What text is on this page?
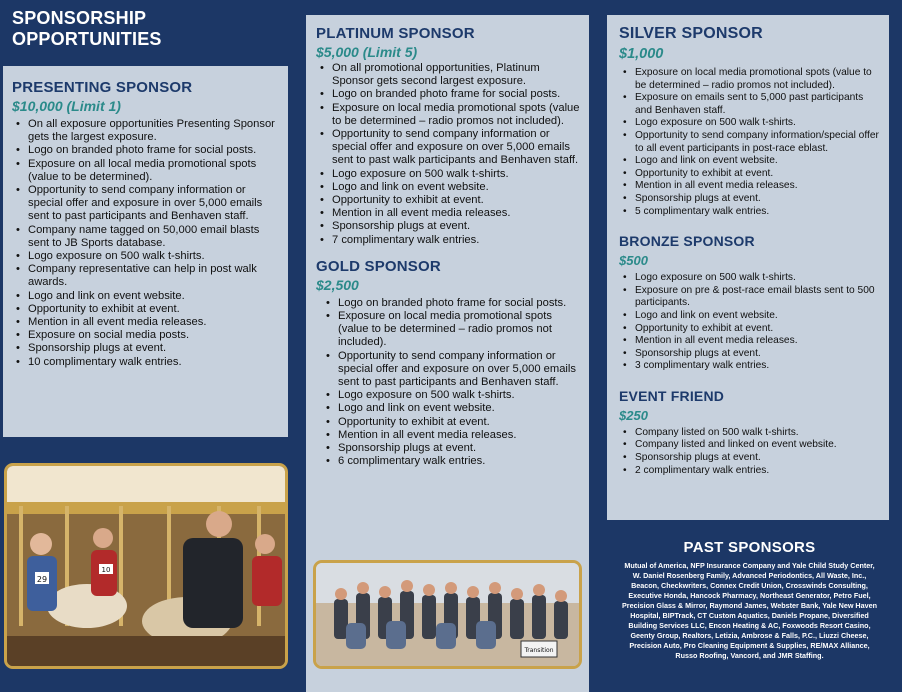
SPONSORSHIP
OPPORTUNITIES
PRESENTING SPONSOR
$10,000 (Limit 1)
• On all exposure opportunities Presenting Sponsor gets the largest exposure.
• Logo on branded photo frame for social posts.
• Exposure on all local media promotional spots (value to be determined).
• Opportunity to send company information or special offer and exposure in over 5,000 emails sent to past participants and Benhaven staff.
• Company name tagged on 50,000 email blasts sent to JB Sports database.
• Logo exposure on 500 walk t-shirts.
• Company representative can help in post walk awards.
• Logo and link on event website.
• Opportunity to exhibit at event.
• Mention in all event media releases.
• Exposure on social media posts.
• Sponsorship plugs at event.
• 10 complimentary walk entries.
29
10
PLATINUM SPONSOR
$5,000 (Limit 5)
• On all promotional opportunities, Platinum Sponsor gets second largest exposure.
• Logo on branded photo frame for social posts.
• Exposure on local media promotional spots (value to be determined – radio promos not included).
• Opportunity to send company information or special offer and exposure on over 5,000 emails sent to past walk participants and Benhaven staff.
• Logo exposure on 500 walk t-shirts.
• Logo and link on event website.
• Opportunity to exhibit at event.
• Mention in all event media releases.
• Sponsorship plugs at event.
• 7 complimentary walk entries.
GOLD SPONSOR
$2,500
• Logo on branded photo frame for social posts.
• Exposure on local media promotional spots (value to be determined – radio promos not included).
• Opportunity to send company information or special offer and exposure on over 5,000 emails sent to past participants and Benhaven staff.
• Logo exposure on 500 walk t-shirts.
• Logo and link on event website.
• Opportunity to exhibit at event.
• Mention in all event media releases.
• Sponsorship plugs at event.
• 6 complimentary walk entries.
Transition
SILVER SPONSOR
$1,000
• Exposure on local media promotional spots (value to be determined – radio promos not included).
• Exposure on emails sent to 5,000 past participants and Benhaven staff.
• Logo exposure on 500 walk t-shirts.
• Opportunity to send company information/special offer to all event participants in post-race eblast.
• Logo and link on event website.
• Opportunity to exhibit at event.
• Mention in all event media releases.
• Sponsorship plugs at event.
• 5 complimentary walk entries.
BRONZE SPONSOR
$500
• Logo exposure on 500 walk t-shirts.
• Exposure on pre & post-race email blasts sent to 500 participants.
• Logo and link on event website.
• Opportunity to exhibit at event.
• Mention in all event media releases.
• Sponsorship plugs at event.
• 3 complimentary walk entries.
EVENT FRIEND
$250
• Company listed on 500 walk t-shirts.
• Company listed and linked on event website.
• Sponsorship plugs at event.
• 2 complimentary walk entries.
PAST SPONSORS
Mutual of America, NFP Insurance Company and Yale Child Study Center, W. Daniel Rosenberg Family, Advanced Periodontics, All Waste, Inc., Beacon, Checkwriters, Connex Credit Union, Crosswinds Consulting, Executive Honda, Hancock Pharmacy, Northeast Generator, Petro Fuel, Precision Glass & Mirror, Raymond James, Webster Bank, Yale New Haven Hospital, BIPTrack, CT Custom Aquatics, Daniels Propane, Diversified Building Services LLC, Encon Heating & AC, Foxwoods Resort Casino, Geenty Group, Realtors, Letizia, Ambrose & Falls, P.C., Liuzzi Cheese, Precision Auto, Pro Cleaning Equipment & Supplies, RE/MAX Alliance, Russo Roofing, Vancord, and JMR Staffing.
